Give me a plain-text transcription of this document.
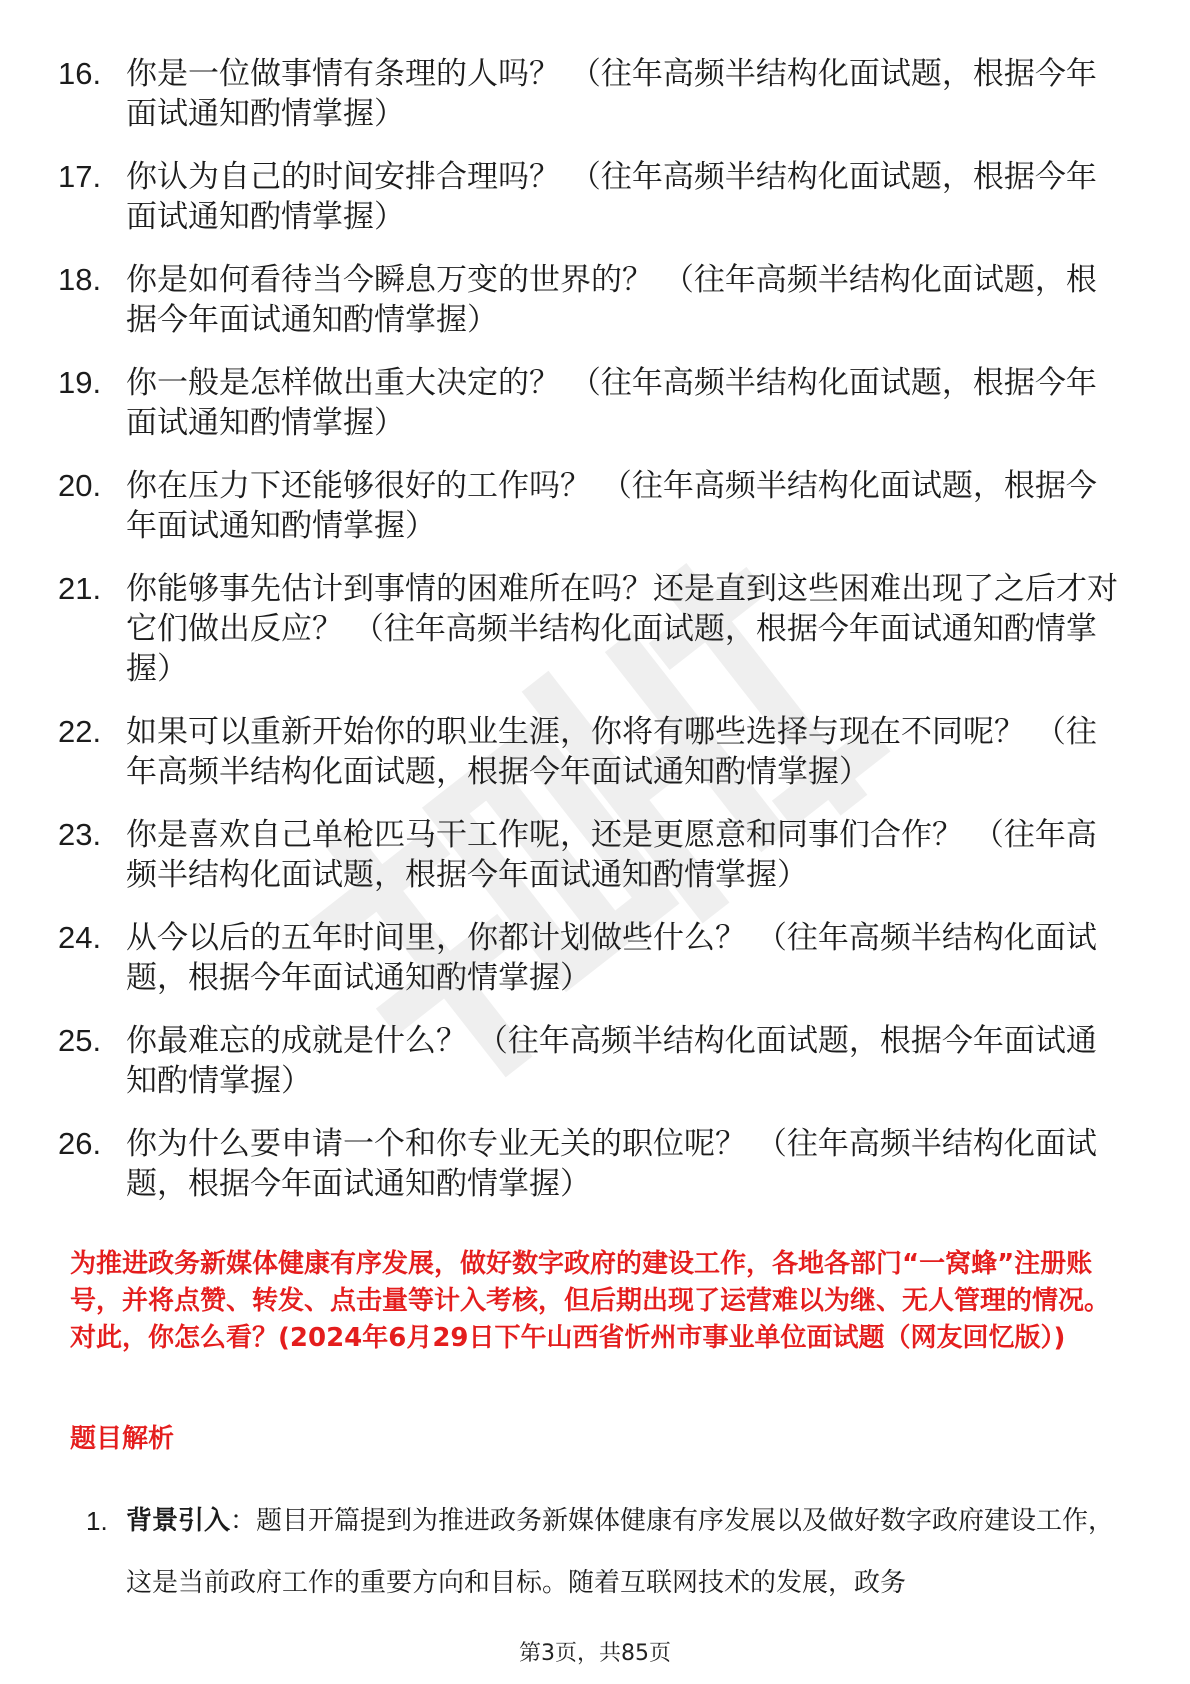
16. 你是一位做事情有条理的人吗？ （往年高频半结构化面试题，根据今年面试通知酌情掌握）
17. 你认为自己的时间安排合理吗？ （往年高频半结构化面试题，根据今年面试通知酌情掌握）
18. 你是如何看待当今瞬息万变的世界的？ （往年高频半结构化面试题，根据今年面试通知酌情掌握）
19. 你一般是怎样做出重大决定的？ （往年高频半结构化面试题，根据今年面试通知酌情掌握）
20. 你在压力下还能够很好的工作吗？ （往年高频半结构化面试题，根据今年面试通知酌情掌握）
21. 你能够事先估计到事情的困难所在吗？还是直到这些困难出现了之后才对它们做出反应？ （往年高频半结构化面试题，根据今年面试通知酌情掌握）
22. 如果可以重新开始你的职业生涯，你将有哪些选择与现在不同呢？ （往年高频半结构化面试题，根据今年面试通知酌情掌握）
23. 你是喜欢自己单枪匹马干工作呢，还是更愿意和同事们合作？ （往年高频半结构化面试题，根据今年面试通知酌情掌握）
24. 从今以后的五年时间里，你都计划做些什么？ （往年高频半结构化面试题，根据今年面试通知酌情掌握）
25. 你最难忘的成就是什么？ （往年高频半结构化面试题，根据今年面试通知酌情掌握）
26. 你为什么要申请一个和你专业无关的职位呢？ （往年高频半结构化面试题，根据今年面试通知酌情掌握）
为推进政务新媒体健康有序发展，做好数字政府的建设工作，各地各部门“一窝蜂”注册账号，并将点赞、转发、点击量等计入考核，但后期出现了运营难以为继、无人管理的情况。对此，你怎么看？(2024年6月29日下午山西省忻州市事业单位面试题（网友回忆版）)
题目解析
1. 背景引入：题目开篇提到为推进政务新媒体健康有序发展以及做好数字政府建设工作，这是当前政府工作的重要方向和目标。随着互联网技术的发展，政务
第3页，共85页
